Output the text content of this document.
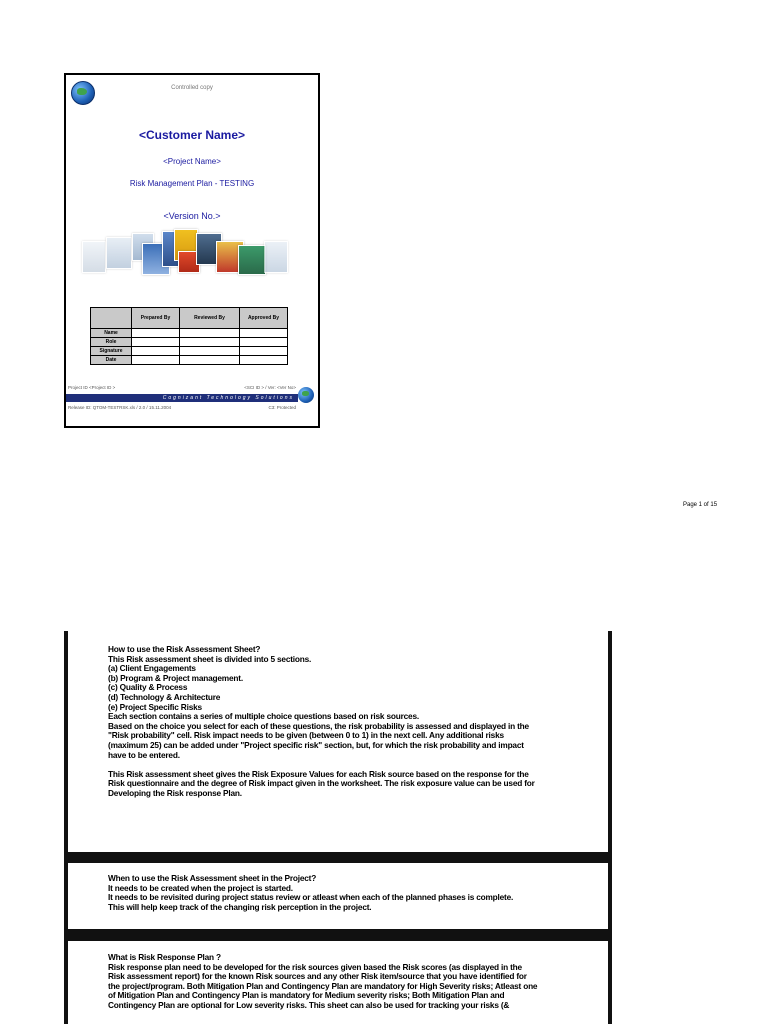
Controlled copy
<Customer Name>
<Project Name>
Risk Management Plan - TESTING
<Version No.>
	Prepared By	Reviewed By	Approved By
Name			
Role			
Signature			
Date			
Project ID <Project ID >	<SCI ID > / Ver: <Ver No>
Cognizant Technology Solutions
Release ID: QTOM-TESTRSK.xls / 2.0 / 15.11.2004	C3: Protected
Page 1 of 15

How to use the Risk Assessment Sheet?

This Risk assessment sheet is divided into 5 sections.

(a) Client Engagements

(b) Program & Project management.

(c) Quality & Process

(d) Technology & Architecture

(e) Project Specific Risks

Each section contains a series of multiple choice questions based on risk sources.

Based on the choice you select for each of these questions, the risk probability is assessed and displayed in the

"Risk probability" cell. Risk impact needs to be given (between 0 to 1) in the next cell. Any additional risks

(maximum 25) can be added under "Project specific risk" section, but, for which the risk probability and impact

have to be entered.

This Risk assessment sheet gives the Risk Exposure Values for each Risk source based on the response for the

Risk questionnaire and the degree of Risk impact given in the worksheet. The risk exposure value can be used for

Developing the Risk response Plan.

When to use the Risk Assessment sheet in the Project?

It needs to be created when the project is started.

It needs to be revisited during project status review or atleast when each of the planned phases is complete.

This will help keep track of the changing risk perception in the project.

What is Risk Response Plan ?

Risk response plan need to be developed for the risk sources given based the Risk scores (as displayed in the

Risk assessment report) for the known Risk sources and any other Risk item/source that you have identified for

the project/program. Both Mitigation Plan and Contingency Plan are mandatory for High Severity risks; Atleast one

of Mitigation Plan and Contingency Plan is mandatory for Medium severity risks; Both Mitigation Plan and

Contingency Plan are optional for Low severity risks. This sheet can also be used for tracking your risks (&
